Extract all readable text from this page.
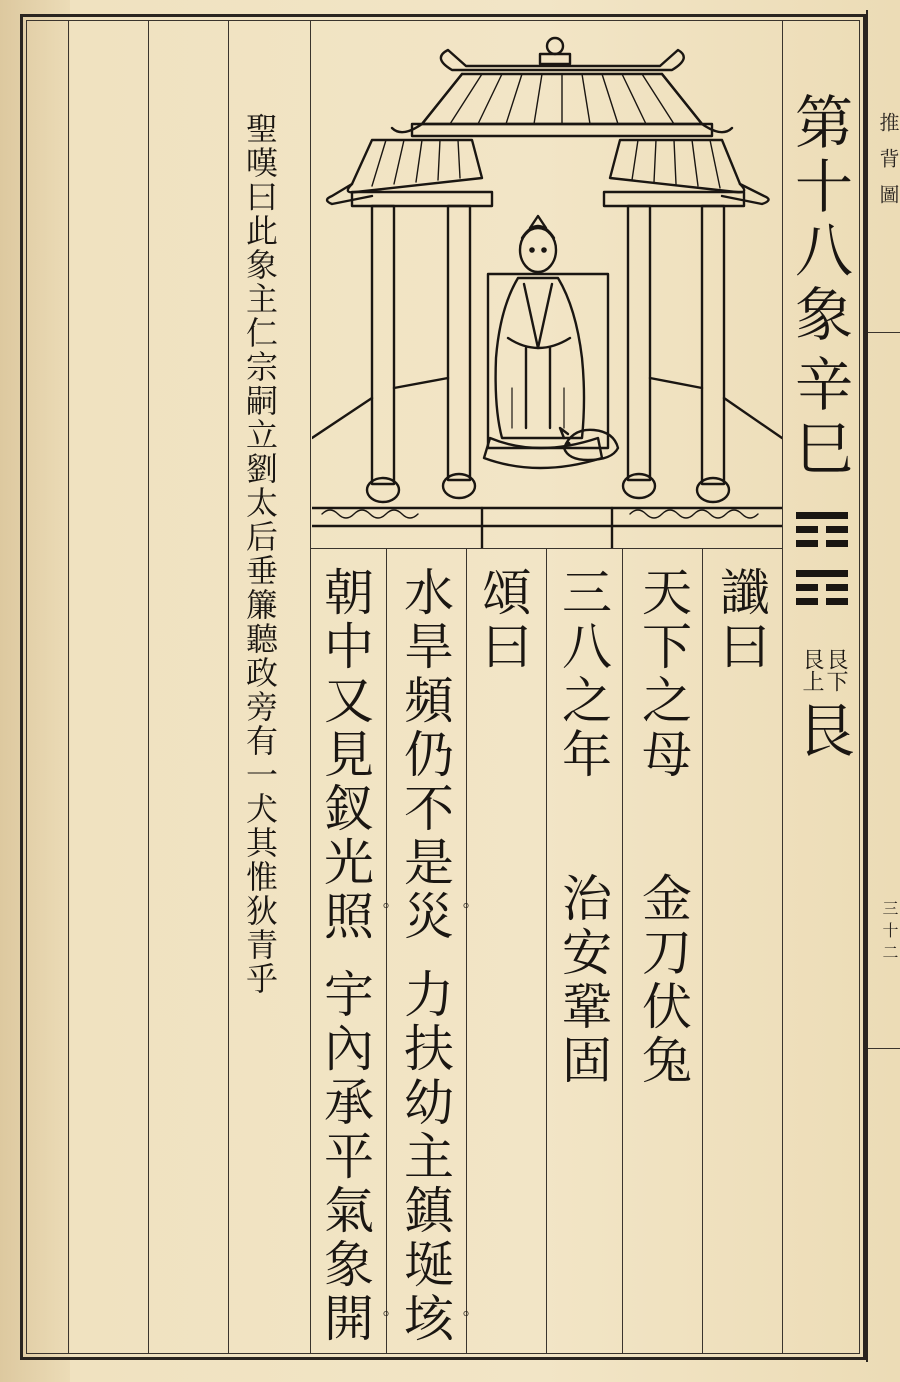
推背圖
三十二
第十八象
辛巳
艮下
艮上
艮
讖曰
天下之母
金刀伏兔
三八之年
治安鞏固
頌曰
水旱頻仍不是災
。
力扶幼主鎮埏垓
。
朝中又見釵光照
。
宇內承平氣象開
。
聖嘆曰此象主仁宗嗣立劉太后垂簾聽政旁有一犬其惟狄青乎
